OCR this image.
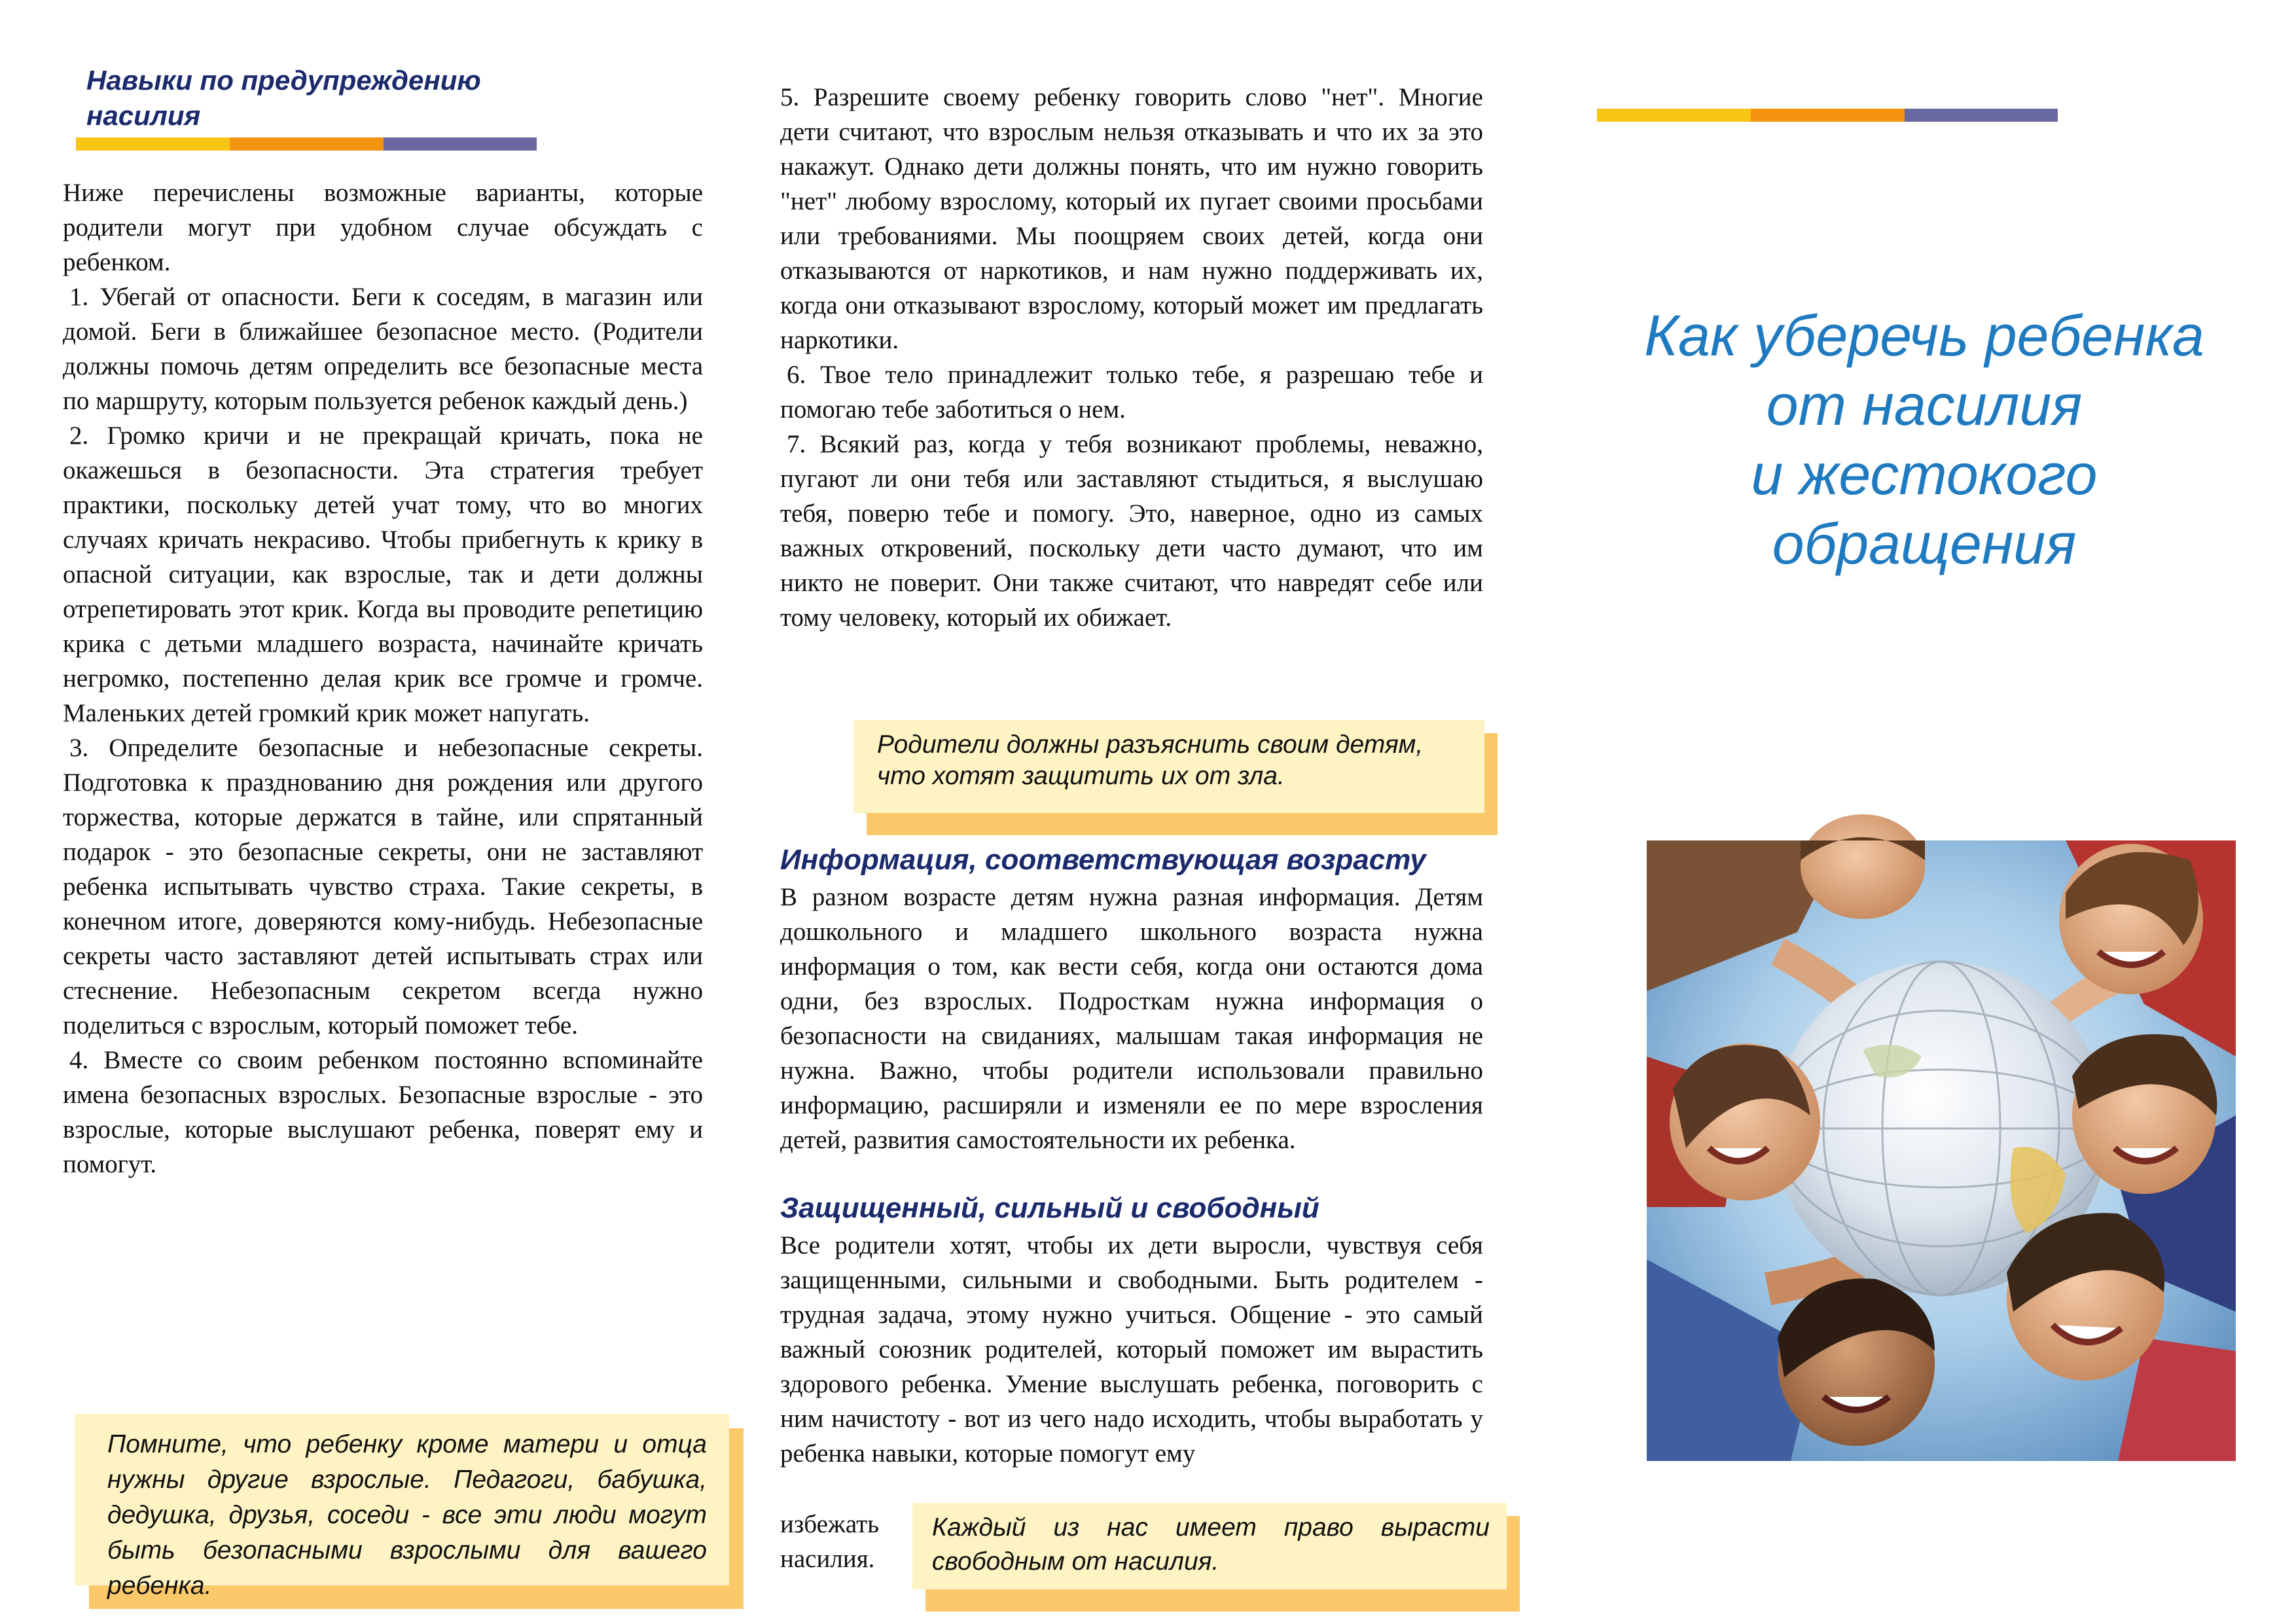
Навыки по предупреждению
насилия

Ниже перечислены возможные варианты, которые родители могут при удобном случае обсуждать с ребенком.

1. Убегай от опасности. Беги к соседям, в магазин или домой. Беги в ближайшее безопасное место. (Родители должны помочь детям определить все безопасные места по маршруту, которым пользуется ребенок каждый день.)

2. Громко кричи и не прекращай кричать, пока не окажешься в безопасности. Эта стратегия требует практики, поскольку детей учат тому, что во многих случаях кричать некрасиво. Чтобы прибегнуть к крику в опасной ситуации, как взрослые, так и дети должны отрепетировать этот крик. Когда вы проводите репетицию крика с детьми младшего возраста, начинайте кричать негромко, постепенно делая крик все громче и громче. Маленьких детей громкий крик может напугать.

3. Определите безопасные и небезопасные секреты. Подготовка к празднованию дня рождения или другого торжества, которые держатся в тайне, или спрятанный подарок - это безопасные секреты, они не заставляют ребенка испытывать чувство страха. Такие секреты, в конечном итоге, доверяются кому-нибудь. Небезопасные секреты часто заставляют детей испытывать страх или стеснение. Небезопасным секретом всегда нужно поделиться с взрослым, который поможет тебе.

4. Вместе со своим ребенком постоянно вспоминайте имена безопасных взрослых. Безопасные взрослые - это взрослые, которые выслушают ребенка, поверят ему и помогут.

Помните, что ребенку кроме матери и отца нужны другие взрослые. Педагоги, бабушка, дедушка, друзья, соседи - все эти люди могут быть безопасными взрослыми для вашего ребенка.

5. Разрешите своему ребенку говорить слово "нет". Многие дети считают, что взрослым нельзя отказывать и что их за это накажут. Однако дети должны понять, что им нужно говорить "нет" любому взрослому, который их пугает своими просьбами или требованиями. Мы поощряем своих детей, когда они отказываются от наркотиков, и нам нужно поддерживать их, когда они отказывают взрослому, который может им предлагать наркотики.

6. Твое тело принадлежит только тебе, я разрешаю тебе и помогаю тебе заботиться о нем.

7. Всякий раз, когда у тебя возникают проблемы, неважно, пугают ли они тебя или заставляют стыдиться, я выслушаю тебя, поверю тебе и помогу. Это, наверное, одно из самых важных откровений, поскольку дети часто думают, что им никто не поверит. Они также считают, что навредят себе или тому человеку, который их обижает.

Родители должны разъяснить своим детям, что хотят защитить их от зла.
Информация, соответствующая возрасту

В разном возрасте детям нужна разная информация. Детям дошкольного и младшего школьного возраста нужна информация о том, как вести себя, когда они остаются дома одни, без взрослых. Подросткам нужна информация о безопасности на свиданиях, малышам такая информация не нужна. Важно, чтобы родители использовали правильно информацию, расширяли и изменяли ее по мере взросления детей, развития самостоятельности их ребенка.

Защищенный, сильный и свободный

Все родители хотят, чтобы их дети выросли, чувствуя себя защищенными, сильными и свободными. Быть родителем - трудная задача, этому нужно учиться. Общение - это самый важный союзник родителей, который поможет им вырастить здорового ребенка. Умение выслушать ребенка, поговорить с ним начистоту - вот из чего надо исходить, чтобы выработать у ребенка навыки, которые помогут ему

избежать
насилия.
Каждый из нас имеет право вырасти свободным от насилия.
Как уберечь ребенка
от насилия
и жестокого
обращения
